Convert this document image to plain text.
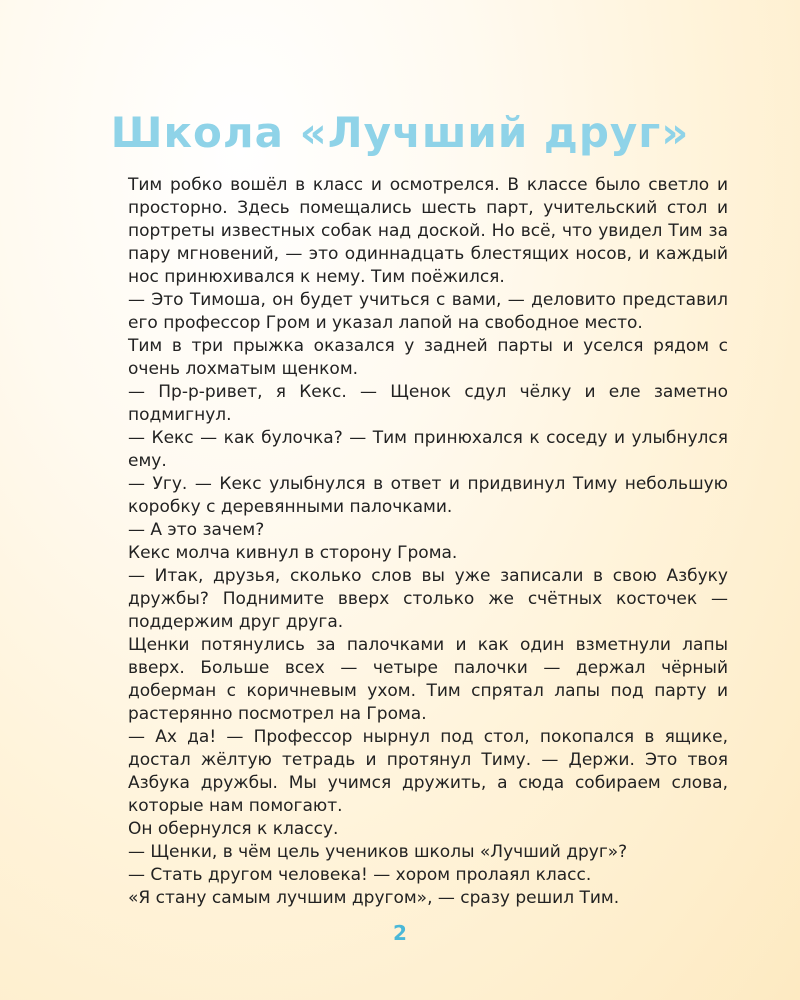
Школа «Лучший друг»

Тим робко вошёл в класс и осмотрелся. В классе было светло и просторно. Здесь помещались шесть парт, учительский стол и портреты известных собак над доской. Но всё, что увидел Тим за пару мгновений, — это одиннадцать блестящих носов, и каждый нос принюхивался к нему. Тим поёжился.

— Это Тимоша, он будет учиться с вами, — деловито представил его профессор Гром и указал лапой на свободное место.

Тим в три прыжка оказался у задней парты и уселся рядом с очень лохматым щенком.

— Пр-р-ривет, я Кекс. — Щенок сдул чёлку и еле заметно подмигнул.

— Кекс — как булочка? — Тим принюхался к соседу и улыбнулся ему.

— Угу. — Кекс улыбнулся в ответ и придвинул Тиму небольшую коробку с деревянными палочками.

— А это зачем?

Кекс молча кивнул в сторону Грома.

— Итак, друзья, сколько слов вы уже записали в свою Азбуку дружбы? Поднимите вверх столько же счётных косточек — поддержим друг друга.

Щенки потянулись за палочками и как один взметнули лапы вверх. Больше всех — четыре палочки — держал чёрный доберман с коричневым ухом. Тим спрятал лапы под парту и растерянно посмотрел на Грома.

— Ах да! — Профессор нырнул под стол, покопался в ящике, достал жёлтую тетрадь и протянул Тиму. — Держи. Это твоя Азбука дружбы. Мы учимся дружить, а сюда собираем слова, которые нам помогают.

Он обернулся к классу.

— Щенки, в чём цель учеников школы «Лучший друг»?

— Стать другом человека! — хором пролаял класс.

«Я стану самым лучшим другом», — сразу решил Тим.

2
